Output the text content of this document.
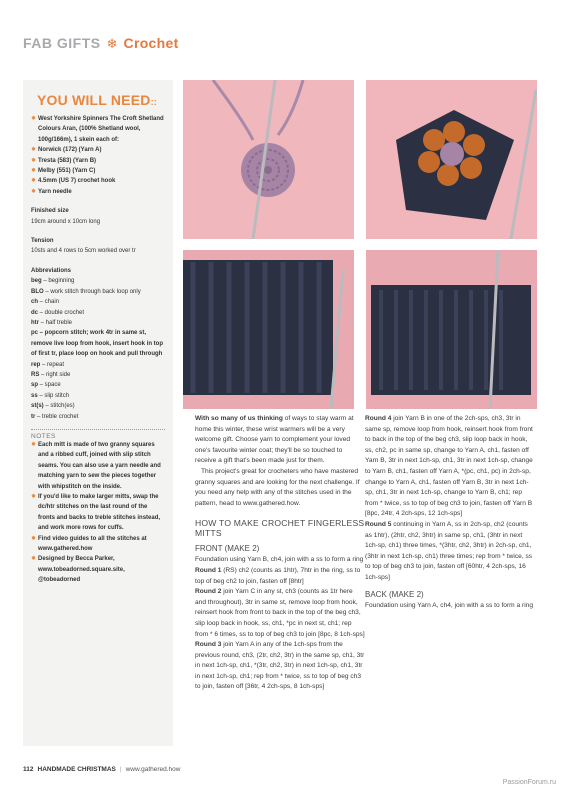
FAB GIFTS ❄ Crochet
YOU WILL NEED::
✸ West Yorkshire Spinners The Croft Shetland Colours Aran, (100% Shetland wool, 100g/166m), 1 skein each of:
✸ Norwick (172) (Yarn A)
✸ Tresta (583) (Yarn B)
✸ Melby (551) (Yarn C)
✸ 4.5mm (US 7) crochet hook
✸ Yarn needle
Finished size
19cm around x 10cm long
Tension
10sts and 4 rows to 5cm worked over tr
Abbreviations
beg – beginning
BLO – work stitch through back loop only
ch – chain
dc – double crochet
htr – half treble
pc – popcorn stitch; work 4tr in same st, remove live loop from hook, insert hook in top of first tr, place loop on hook and pull through
rep – repeat
RS – right side
sp – space
ss – slip stitch
st(s) – stitch(es)
tr – treble crochet
NOTES
✸ Each mitt is made of two granny squares and a ribbed cuff, joined with slip stitch seams. You can also use a yarn needle and matching yarn to sew the pieces together with whipstitch on the inside.
✸ If you'd like to make larger mitts, swap the dc/htr stitches on the last round of the fronts and backs to treble stitches instead, and work more rows for cuffs.
✸ Find video guides to all the stitches at www.gathered.how
✸ Designed by Becca Parker, www.tobeadorned.square.site, @tobeadorned

With so many of us thinking of ways to stay warm at home this winter, these wrist warmers will be a very welcome gift. Choose yarn to complement your loved one's favourite winter coat; they'll be so touched to receive a gift that's been made just for them.

This project's great for crocheters who have mastered granny squares and are looking for the next challenge. If you need any help with any of the stitches used in the pattern, head to www.gathered.how.

HOW TO MAKE CROCHET FINGERLESS MITTS
FRONT (MAKE 2)

Foundation using Yarn B, ch4, join with a ss to form a ring

Round 1 (RS) ch2 (counts as 1htr), 7htr in the ring, ss to top of beg ch2 to join, fasten off [8htr]

Round 2 join Yarn C in any st, ch3 (counts as 1tr here and throughout), 3tr in same st, remove loop from hook, reinsert hook from front to back in the top of the beg ch3, slip loop back in hook, ss, ch1, *pc in next st, ch1; rep from * 6 times, ss to top of beg ch3 to join [8pc, 8 1ch-sps]

Round 3 join Yarn A in any of the 1ch-sps from the previous round, ch3, (2tr, ch2, 3tr) in the same sp, ch1, 3tr in next 1ch-sp, ch1, *(3tr, ch2, 3tr) in next 1ch-sp, ch1, 3tr in next 1ch-sp, ch1; rep from * twice, ss to top of beg ch3 to join, fasten off [36tr, 4 2ch-sps, 8 1ch-sps]

Round 4 join Yarn B in one of the 2ch-sps, ch3, 3tr in same sp, remove loop from hook, reinsert hook from front to back in the top of the beg ch3, slip loop back in hook, ss, ch2, pc in same sp, change to Yarn A, ch1, fasten off Yarn B, 3tr in next 1ch-sp, ch1, 3tr in next 1ch-sp, change to Yarn B, ch1, fasten off Yarn A, *(pc, ch1, pc) in 2ch-sp, change to Yarn A, ch1, fasten off Yarn B, 3tr in next 1ch-sp, ch1, 3tr in next 1ch-sp, change to Yarn B, ch1; rep from * twice, ss to top of beg ch3 to join, fasten off Yarn B [8pc, 24tr, 4 2ch-sps, 12 1ch-sps]

Round 5 continuing in Yarn A, ss in 2ch-sp, ch2 (counts as 1htr), (2htr, ch2, 3htr) in same sp, ch1, (3htr in next 1ch-sp, ch1) three times, *(3htr, ch2, 3htr) in 2ch-sp, ch1, (3htr in next 1ch-sp, ch1) three times; rep from * twice, ss to top of beg ch3 to join, fasten off [60htr, 4 2ch-sps, 16 1ch-sps]

BACK (MAKE 2)

Foundation using Yarn A, ch4, join with a ss to form a ring

112 HANDMADE CHRISTMAS | www.gathered.how
PassionForum.ru
